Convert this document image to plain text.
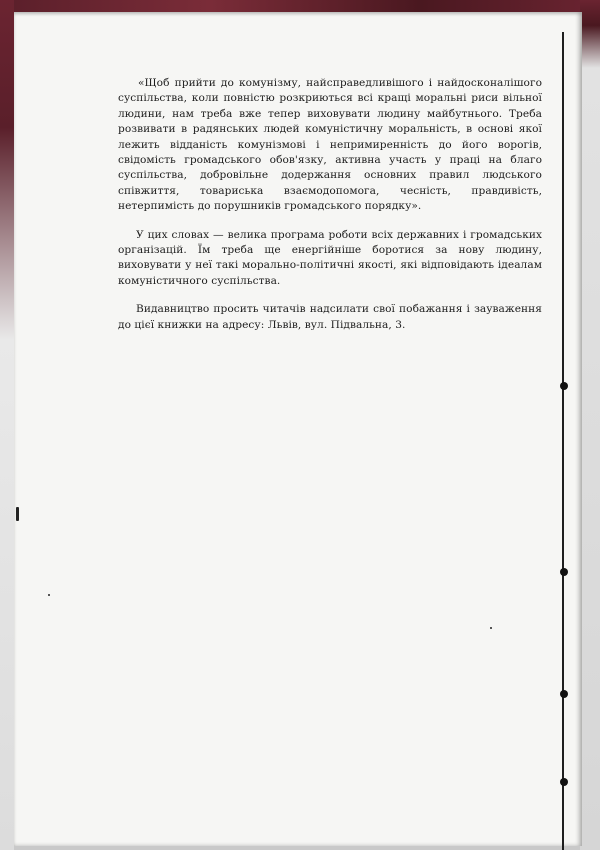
«Щоб прийти до комунізму, найсправедливішого і найдосконалішого суспільства, коли повністю розкриються всі кращі моральні риси вільної людини, нам треба вже тепер виховувати людину майбутнього. Треба розвивати в радянських людей комуністичну моральність, в основі якої лежить відданість комунізмові і непримиренність до його ворогів, свідомість громадського обов'язку, активна участь у праці на благо суспільства, добровільне додержання основних правил людського співжиття, товариська взаємодопомога, чесність, правдивість, нетерпимість до порушників громадського порядку».

У цих словах — велика програма роботи всіх державних і громадських організацій. Їм треба ще енергійніше боротися за нову людину, виховувати у неї такі морально-політичні якості, які відповідають ідеалам комуністичного суспільства.

Видавництво просить читачів надсилати свої побажання і зауваження до цієї книжки на адресу: Львів, вул. Підвальна, 3.
